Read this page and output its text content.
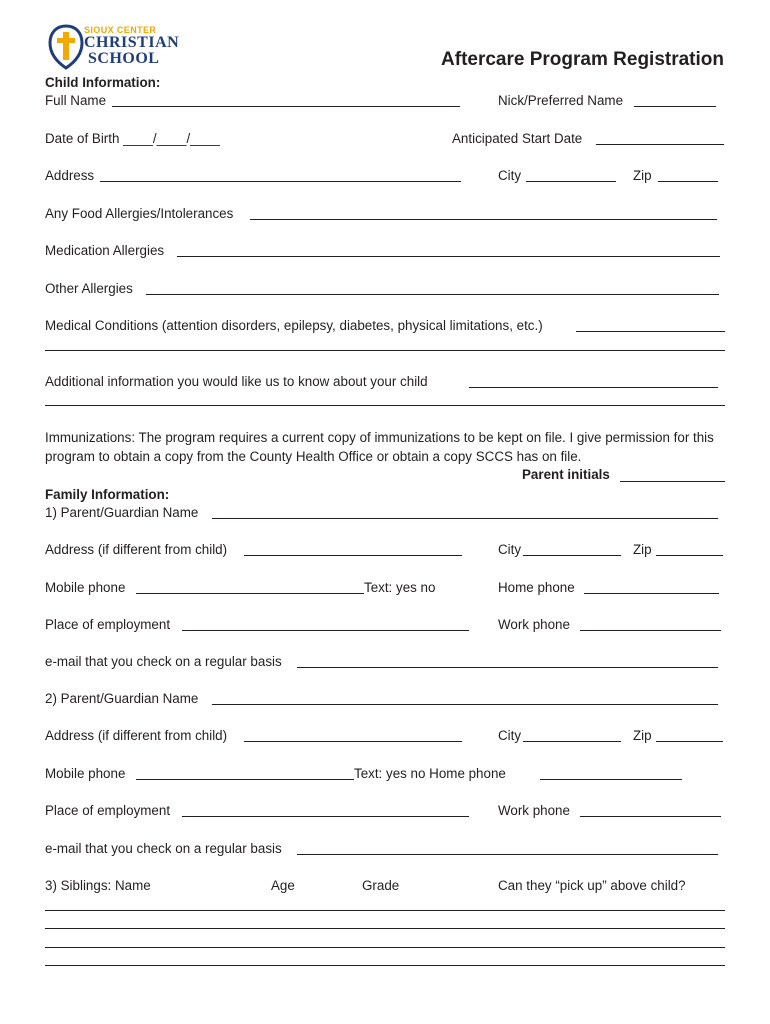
SIOUX CENTER
CHRISTIAN
SCHOOL	Aftercare Program Registration
Child Information:
Full Name	Nick/Preferred Name
Date of Birth ____/____/____	Anticipated Start Date
Address	City	Zip
Any Food Allergies/Intolerances
Medication Allergies
Other Allergies
Medical Conditions (attention disorders, epilepsy, diabetes, physical limitations, etc.)
Additional information you would like us to know about your child
Immunizations: The program requires a current copy of immunizations to be kept on file. I give permission for this program to obtain a copy from the County Health Office or obtain a copy SCCS has on file.
Parent initials
Family Information:
1) Parent/Guardian Name
Address (if different from child)	City	Zip
Mobile phone	Text: yes no	Home phone
Place of employment	Work phone
e-mail that you check on a regular basis
2) Parent/Guardian Name
Address (if different from child)	City	Zip
Mobile phone	Text: yes no Home phone
Place of employment	Work phone
e-mail that you check on a regular basis
3) Siblings: Name	Age	Grade	Can they “pick up” above child?
